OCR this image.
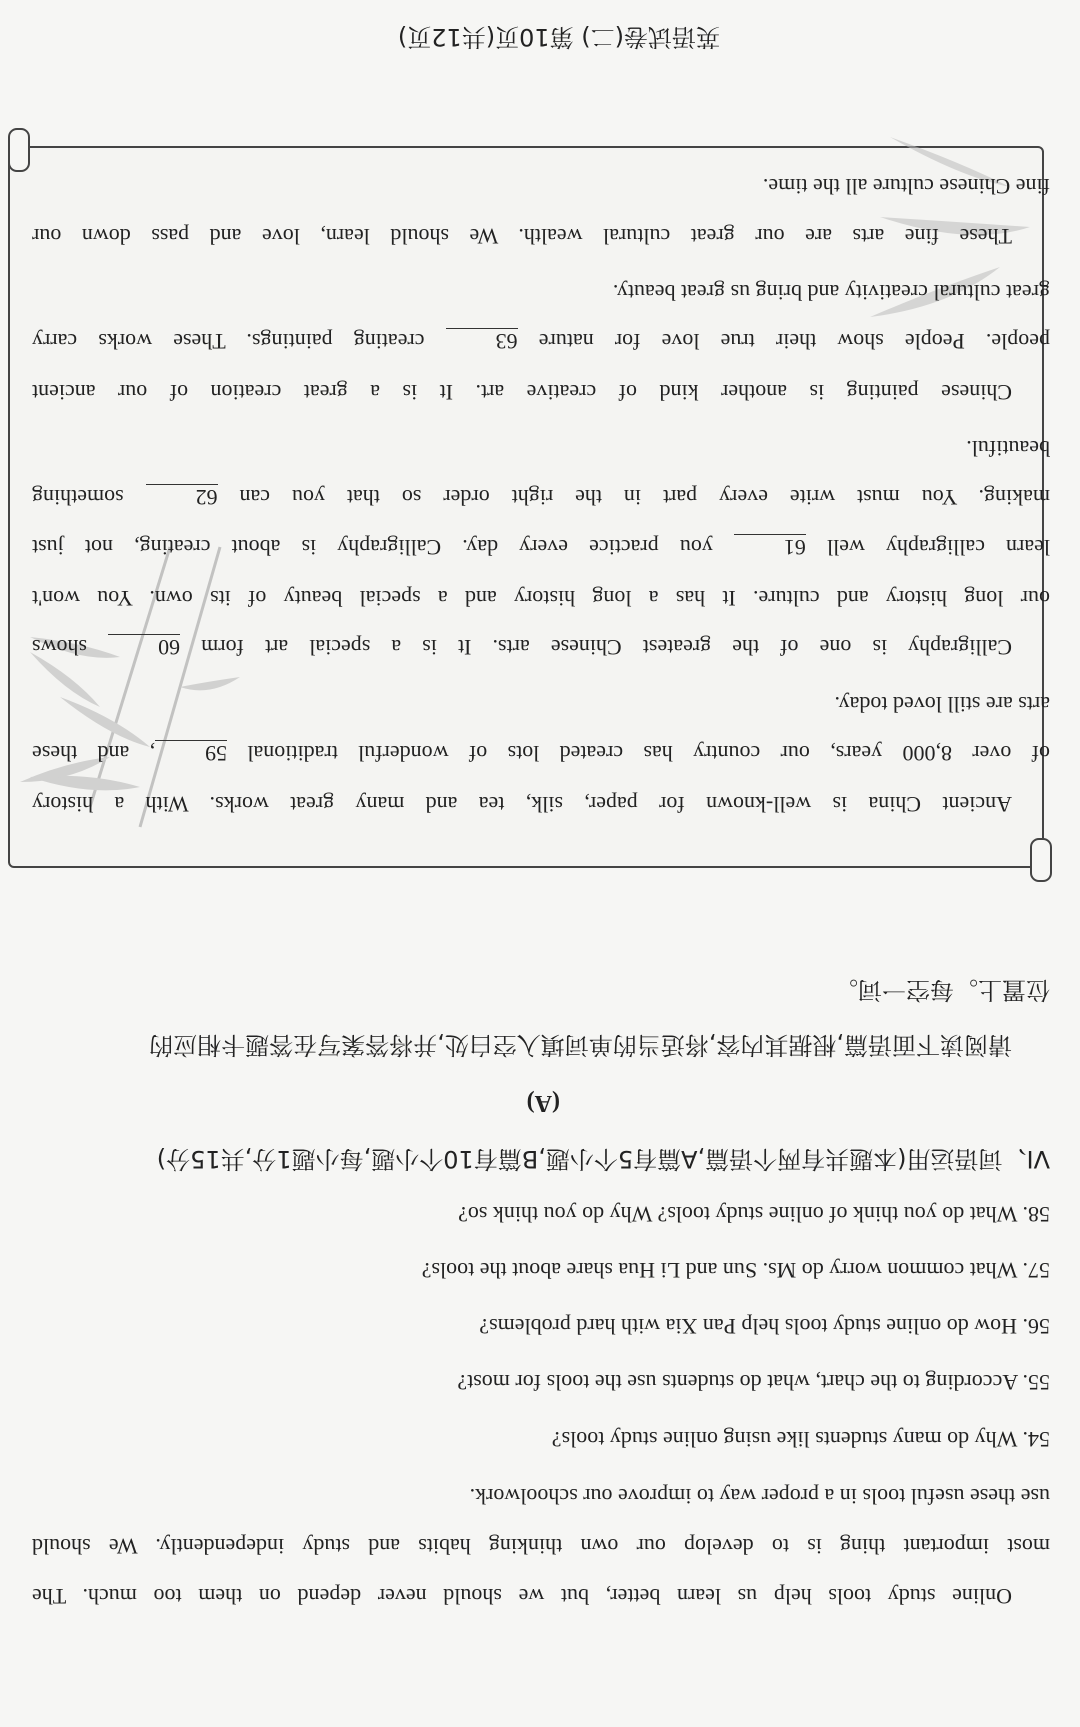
Online study tools help us learn better, but we should never depend on them too much. The
most important thing is to develop our own thinking habits and study independently. We should
use these useful tools in a proper way to improve our schoolwork.
54. Why do many students like using online study tools?
55. According to the chart, what do students use the tools for most?
56. How do online study tools help Pan Xia with hard problems?
57. What common worry do Ms. Sun and Li Hua share about the tools?
58. What do you think of online study tools? Why do you think so?
VI、词语运用(本题共有两个语篇,A篇有5个小题,B篇有10个小题,每小题1分,共15分)
(A)
请阅读下面语篇,根据其内容,将适当的单词填入空白处,并将答案写在答题卡相应的
位置上。每空一词。
Ancient China is well-known for paper, silk, tea and many great works. With a history
of over 8,000 years, our country has created lots of wonderful traditional 59, and these
arts are still loved today.
Calligraphy is one of the greatest Chinese arts. It is a special art form 60 shows
our long history and culture. It has a long history and a special beauty of its own. You won't
learn calligraphy well 61 you practice every day. Calligraphy is about creating, not just
making. You must write every part in the right order so that you can 62 something
beautiful.
Chinese painting is another kind of creative art. It is a great creation of our ancient
people. People show their true love for nature 63 creating paintings. These works carry
great cultural creativity and bring us great beauty.
These fine arts are our great cultural wealth. We should learn, love and pass down our
fine Chinese culture all the time.
英语试卷(二) 第10页(共12页)
